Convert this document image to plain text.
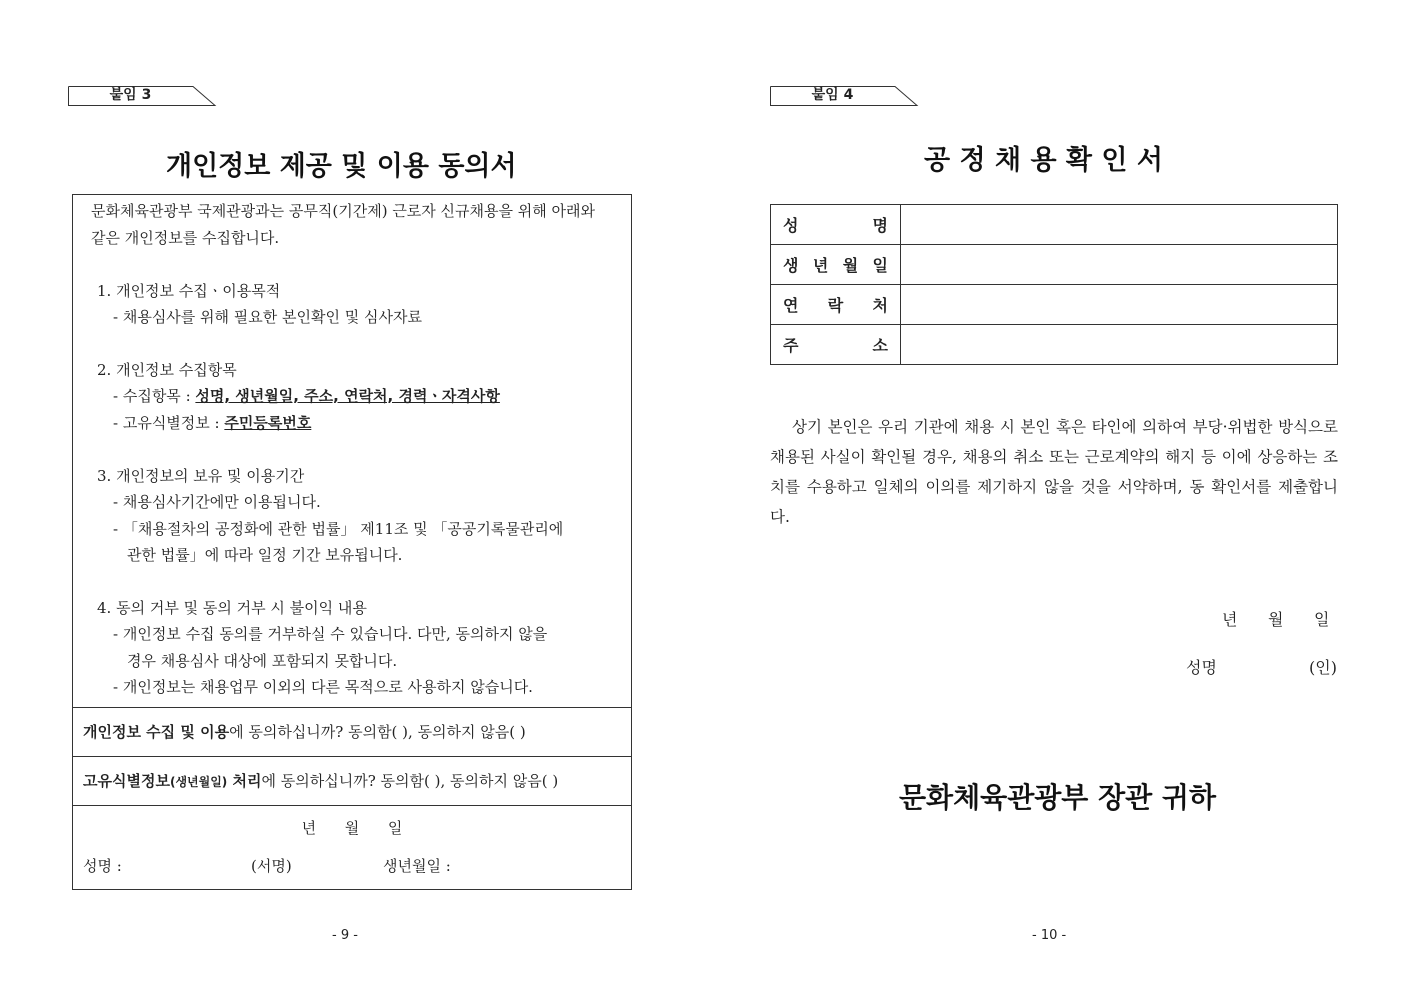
붙임 3
개인정보 제공 및 이용 동의서
문화체육관광부 국제관광과는 공무직(기간제) 근로자 신규채용을 위해 아래와
같은 개인정보를 수집합니다.
1. 개인정보 수집ㆍ이용목적
- 채용심사를 위해 필요한 본인확인 및 심사자료
2. 개인정보 수집항목
- 수집항목 : 성명, 생년월일, 주소, 연락처, 경력ㆍ자격사항
- 고유식별정보 : 주민등록번호
3. 개인정보의 보유 및 이용기간
- 채용심사기간에만 이용됩니다.
- 「채용절차의 공정화에 관한 법률」 제11조 및 「공공기록물관리에
관한 법률」에 따라 일정 기간 보유됩니다.
4. 동의 거부 및 동의 거부 시 불이익 내용
- 개인정보 수집 동의를 거부하실 수 있습니다. 다만, 동의하지 않을
경우 채용심사 대상에 포함되지 못합니다.
- 개인정보는 채용업무 이외의 다른 목적으로 사용하지 않습니다.
개인정보 수집 및 이용에 동의하십니까? 동의함( ), 동의하지 않음( )
고유식별정보(생년월일) 처리에 동의하십니까? 동의함( ), 동의하지 않음( )
년      월      일
성명 :	(서명)	생년월일 :
- 9 -
붙임 4
공 정 채 용 확 인 서
성 명	

생 년 월 일	

연 락 처	

주 소	

상기 본인은 우리 기관에 채용 시 본인 혹은 타인에 의하여 부당·위법한 방식으로 채용된 사실이 확인될 경우, 채용의 취소 또는 근로계약의 해지 등 이에 상응하는 조치를 수용하고 일체의 이의를 제기하지 않을 것을 서약하며, 동 확인서를 제출합니다.
년      월      일
성명	(인)
문화체육관광부 장관 귀하
- 10 -
